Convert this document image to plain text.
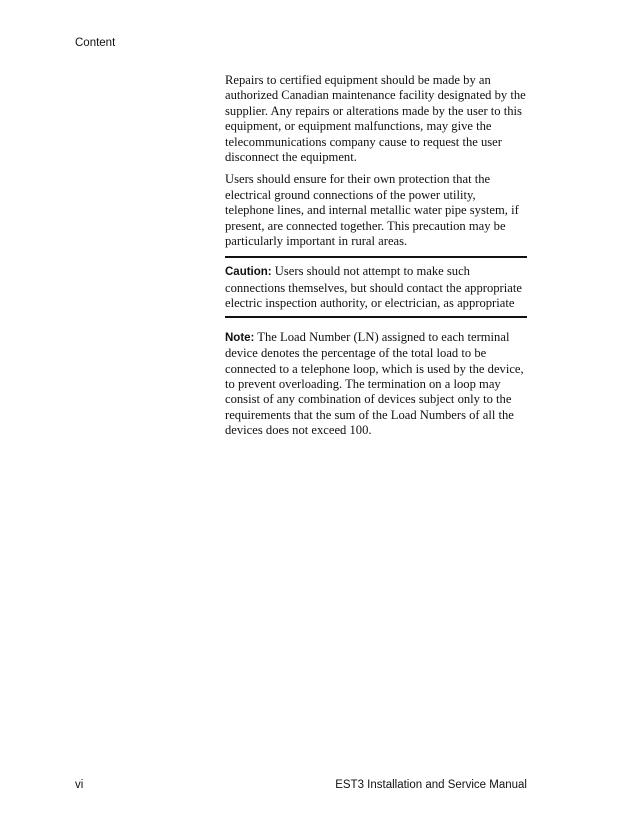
Content

Repairs to certified equipment should be made by an authorized Canadian maintenance facility designated by the supplier. Any repairs or alterations made by the user to this equipment, or equipment malfunctions, may give the telecommunications company cause to request the user disconnect the equipment.

Users should ensure for their own protection that the electrical ground connections of the power utility, telephone lines, and internal metallic water pipe system, if present, are connected together. This precaution may be particularly important in rural areas.

Caution: Users should not attempt to make such connections themselves, but should contact the appropriate electric inspection authority, or electrician, as appropriate
Note: The Load Number (LN) assigned to each terminal device denotes the percentage of the total load to be connected to a telephone loop, which is used by the device, to prevent overloading. The termination on a loop may consist of any combination of devices subject only to the requirements that the sum of the Load Numbers of all the devices does not exceed 100.
vi	EST3 Installation and Service Manual
